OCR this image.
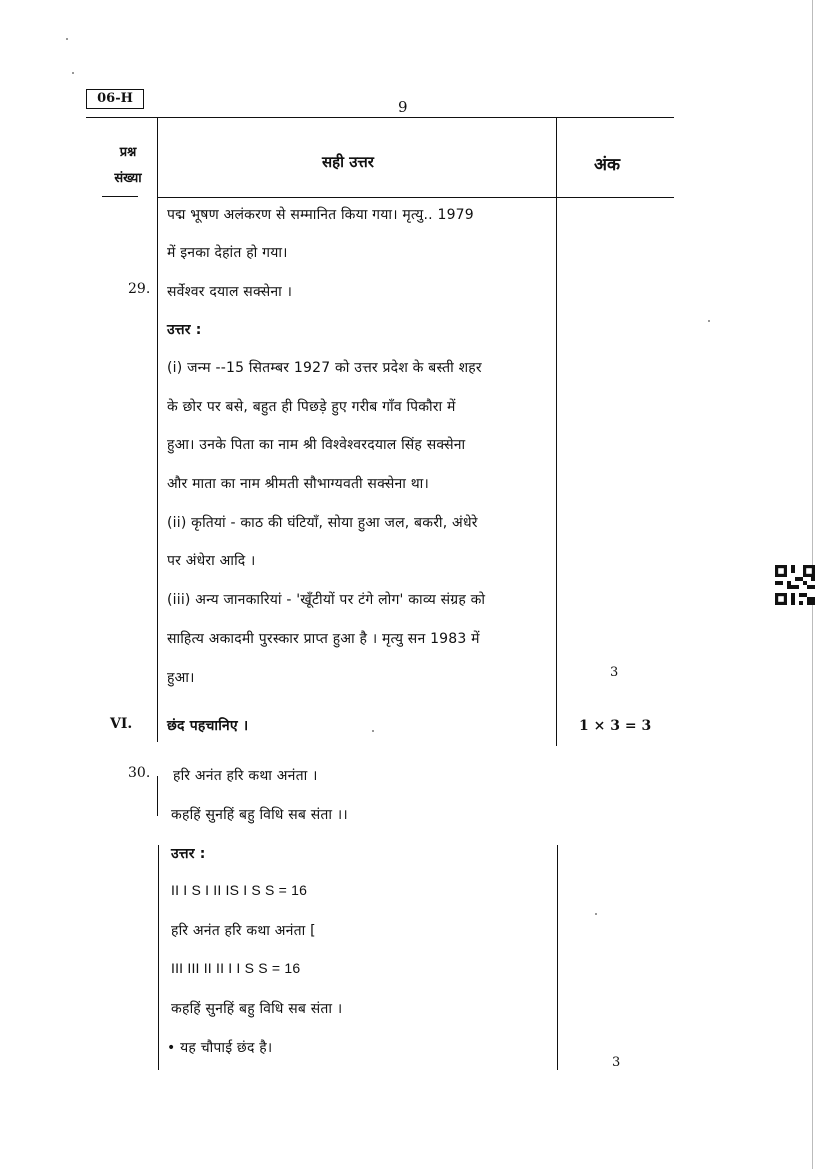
06-H	9
प्रश्न संख्या
सही उत्तर	अंक
पद्म भूषण अलंकरण से सम्मानित किया गया। मृत्यु.. 1979
में इनका देहांत हो गया।
29. सर्वेश्वर दयाल सक्सेना ।
उत्तर :
(i) जन्म --15 सितम्बर 1927 को उत्तर प्रदेश के बस्ती शहर
के छोर पर बसे, बहुत ही पिछड़े हुए गरीब गाँव पिकौरा में
हुआ। उनके पिता का नाम श्री विश्वेश्वरदयाल सिंह सक्सेना
और माता का नाम श्रीमती सौभाग्यवती सक्सेना था।
(ii) कृतियां - काठ की घंटियाँ, सोया हुआ जल, बकरी, अंधेरे
पर अंधेरा आदि ।
(iii) अन्य जानकारियां - 'खूँटीयों पर टंगे लोग' काव्य संग्रह को
साहित्य अकादमी पुरस्कार प्राप्त हुआ है । मृत्यु सन 1983 में
हुआ।	3
VI. छंद पहचानिए ।	1 × 3 = 3
30. हरि अनंत हरि कथा अनंता ।
कहहिं सुनहिं बहु विधि सब संता ।।
उत्तर :
II I S I II IS I S S = 16
हरि अनंत हरि कथा अनंता [
III III II II I I S S = 16
कहहिं सुनहिं बहु विधि सब संता ।
• यह चौपाई छंद है।
3
